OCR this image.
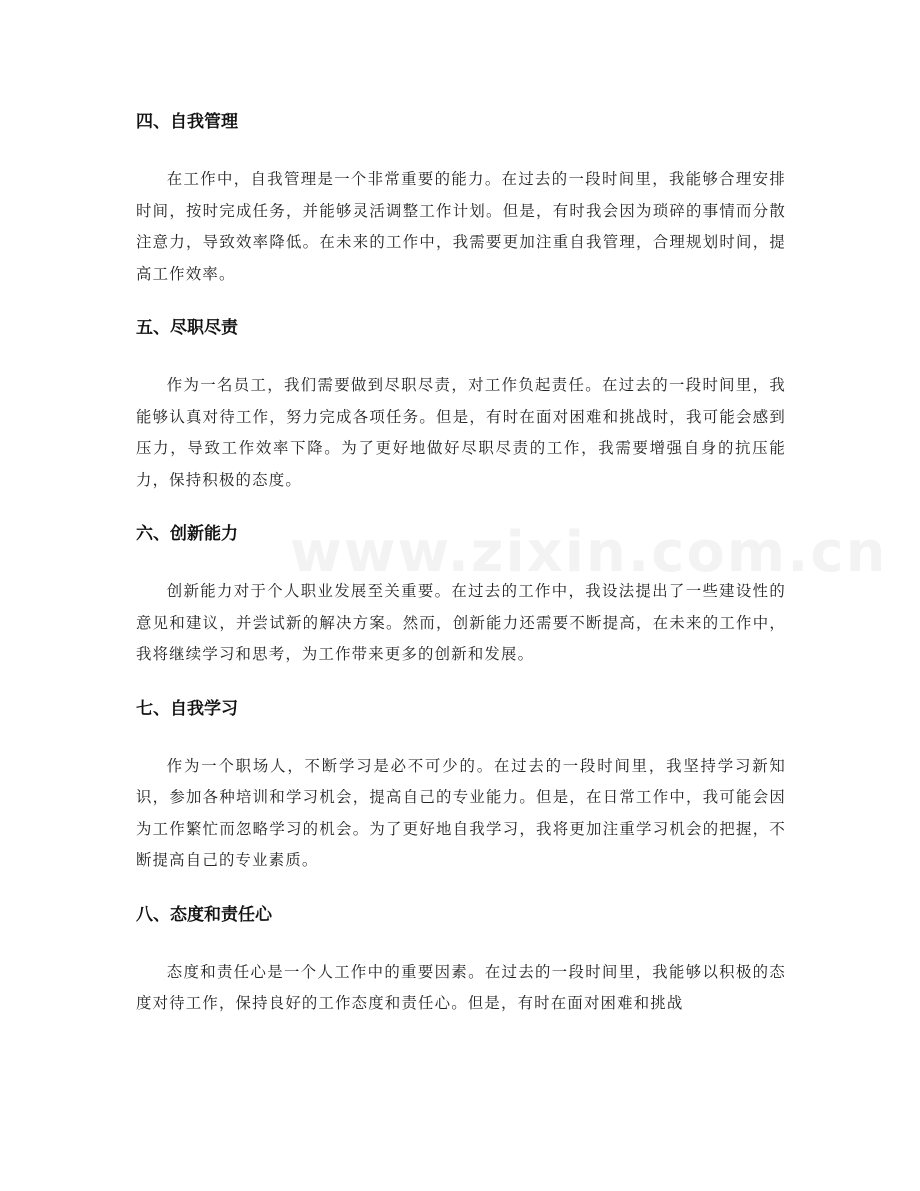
四、自我管理

在工作中，自我管理是一个非常重要的能力。在过去的一段时间里，我能够合理安排时间，按时完成任务，并能够灵活调整工作计划。但是，有时我会因为琐碎的事情而分散注意力，导致效率降低。在未来的工作中，我需要更加注重自我管理，合理规划时间，提高工作效率。

五、尽职尽责

作为一名员工，我们需要做到尽职尽责，对工作负起责任。在过去的一段时间里，我能够认真对待工作，努力完成各项任务。但是，有时在面对困难和挑战时，我可能会感到压力，导致工作效率下降。为了更好地做好尽职尽责的工作，我需要增强自身的抗压能力，保持积极的态度。

六、创新能力

创新能力对于个人职业发展至关重要。在过去的工作中，我设法提出了一些建设性的意见和建议，并尝试新的解决方案。然而，创新能力还需要不断提高，在未来的工作中，我将继续学习和思考，为工作带来更多的创新和发展。

七、自我学习

作为一个职场人，不断学习是必不可少的。在过去的一段时间里，我坚持学习新知识，参加各种培训和学习机会，提高自己的专业能力。但是，在日常工作中，我可能会因为工作繁忙而忽略学习的机会。为了更好地自我学习，我将更加注重学习机会的把握，不断提高自己的专业素质。

八、态度和责任心

态度和责任心是一个人工作中的重要因素。在过去的一段时间里，我能够以积极的态度对待工作，保持良好的工作态度和责任心。但是，有时在面对困难和挑战
